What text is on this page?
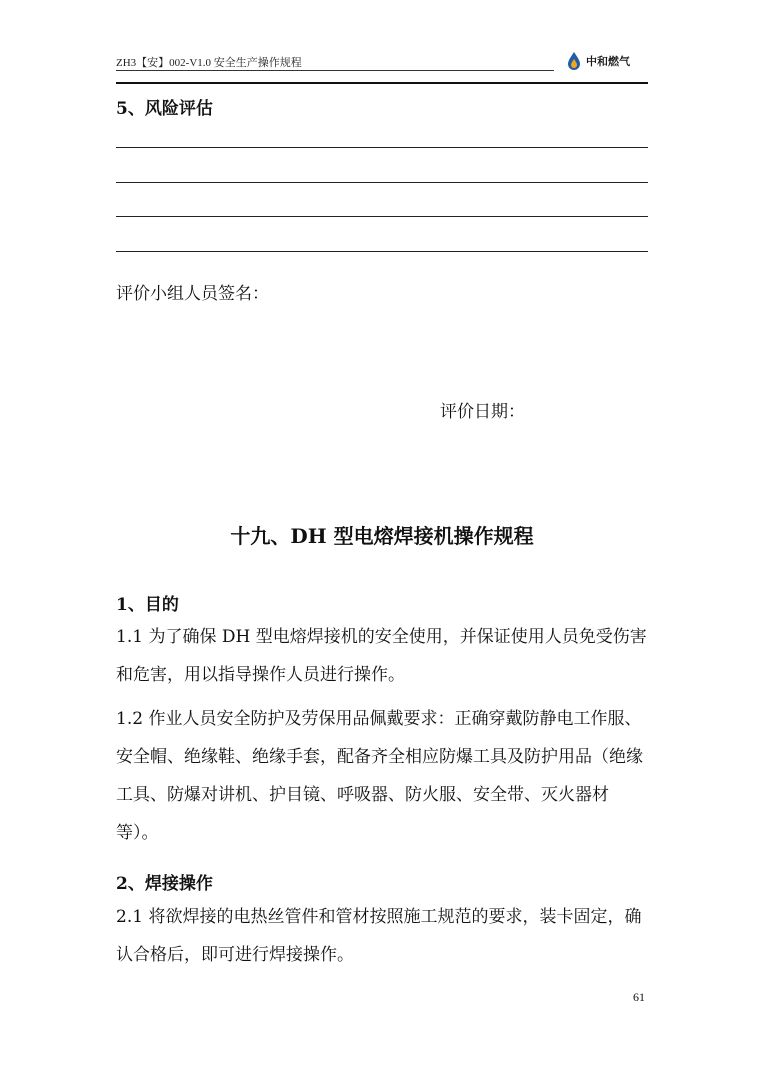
ZH3【安】002-V1.0 安全生产操作规程	中和燃气
5、风险评估
评价小组人员签名：
评价日期：
十九、DH 型电熔焊接机操作规程
1、目的
1.1 为了确保 DH 型电熔焊接机的安全使用，并保证使用人员免受伤害和危害，用以指导操作人员进行操作。
1.2 作业人员安全防护及劳保用品佩戴要求：正确穿戴防静电工作服、安全帽、绝缘鞋、绝缘手套，配备齐全相应防爆工具及防护用品（绝缘工具、防爆对讲机、护目镜、呼吸器、防火服、安全带、灭火器材等）。
2、焊接操作
2.1 将欲焊接的电热丝管件和管材按照施工规范的要求，装卡固定，确认合格后，即可进行焊接操作。
61
